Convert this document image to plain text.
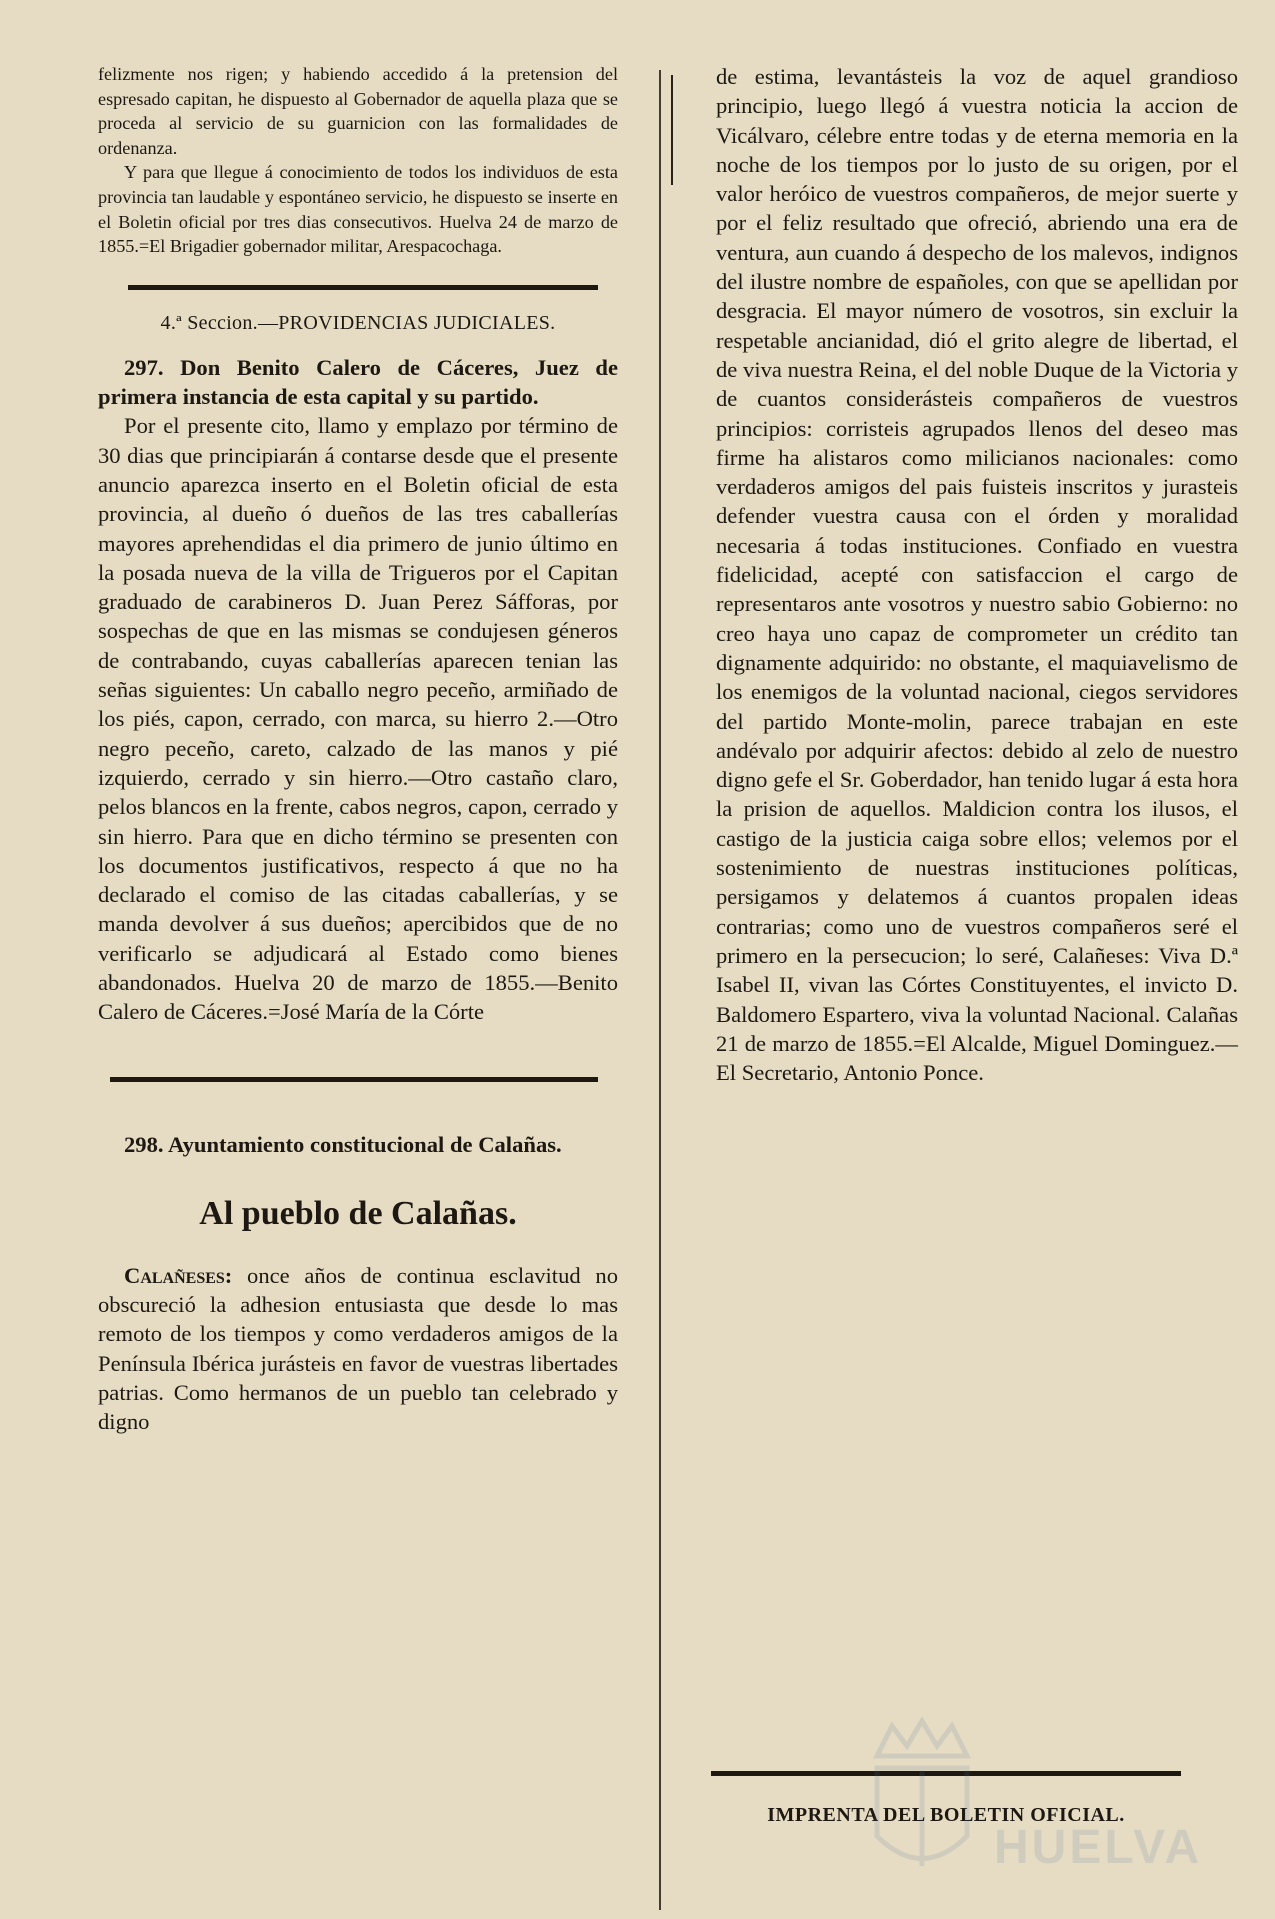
felizmente nos rigen; y habiendo accedido á la pretension del espresado capitan, he dispuesto al Gobernador de aquella plaza que se proceda al servicio de su guarnicion con las formalidades de ordenanza.

Y para que llegue á conocimiento de todos los individuos de esta provincia tan laudable y espontáneo servicio, he dispuesto se inserte en el Boletin oficial por tres dias consecutivos. Huelva 24 de marzo de 1855.=El Brigadier gobernador militar, Arespacochaga.

4.ª Seccion.—PROVIDENCIAS JUDICIALES.

297. Don Benito Calero de Cáceres, Juez de primera instancia de esta capital y su partido.

Por el presente cito, llamo y emplazo por término de 30 dias que principiarán á contarse desde que el presente anuncio aparezca inserto en el Boletin oficial de esta provincia, al dueño ó dueños de las tres caballerías mayores aprehendidas el dia primero de junio último en la posada nueva de la villa de Trigueros por el Capitan graduado de carabineros D. Juan Perez Sáfforas, por sospechas de que en las mismas se condujesen géneros de contrabando, cuyas caballerías aparecen tenian las señas siguientes: Un caballo negro peceño, armiñado de los piés, capon, cerrado, con marca, su hierro 2.—Otro negro peceño, careto, calzado de las manos y pié izquierdo, cerrado y sin hierro.—Otro castaño claro, pelos blancos en la frente, cabos negros, capon, cerrado y sin hierro. Para que en dicho término se presenten con los documentos justificativos, respecto á que no ha declarado el comiso de las citadas caballerías, y se manda devolver á sus dueños; apercibidos que de no verificarlo se adjudicará al Estado como bienes abandonados. Huelva 20 de marzo de 1855.—Benito Calero de Cáceres.=José María de la Córte

298. Ayuntamiento constitucional de Calañas.

Al pueblo de Calañas.

Calañeses: once años de continua esclavitud no obscureció la adhesion entusiasta que desde lo mas remoto de los tiempos y como verdaderos amigos de la Península Ibérica jurásteis en favor de vuestras libertades patrias. Como hermanos de un pueblo tan celebrado y digno

de estima, levantásteis la voz de aquel grandioso principio, luego llegó á vuestra noticia la accion de Vicálvaro, célebre entre todas y de eterna memoria en la noche de los tiempos por lo justo de su origen, por el valor heróico de vuestros compañeros, de mejor suerte y por el feliz resultado que ofreció, abriendo una era de ventura, aun cuando á despecho de los malevos, indignos del ilustre nombre de españoles, con que se apellidan por desgracia. El mayor número de vosotros, sin excluir la respetable ancianidad, dió el grito alegre de libertad, el de viva nuestra Reina, el del noble Duque de la Victoria y de cuantos considerásteis compañeros de vuestros principios: corristeis agrupados llenos del deseo mas firme ha alistaros como milicianos nacionales: como verdaderos amigos del pais fuisteis inscritos y jurasteis defender vuestra causa con el órden y moralidad necesaria á todas instituciones. Confiado en vuestra fidelicidad, acepté con satisfaccion el cargo de representaros ante vosotros y nuestro sabio Gobierno: no creo haya uno capaz de comprometer un crédito tan dignamente adquirido: no obstante, el maquiavelismo de los enemigos de la voluntad nacional, ciegos servidores del partido Monte-molin, parece trabajan en este andévalo por adquirir afectos: debido al zelo de nuestro digno gefe el Sr. Goberdador, han tenido lugar á esta hora la prision de aquellos. Maldicion contra los ilusos, el castigo de la justicia caiga sobre ellos; velemos por el sostenimiento de nuestras instituciones políticas, persigamos y delatemos á cuantos propalen ideas contrarias; como uno de vuestros compañeros seré el primero en la persecucion; lo seré, Calañeses: Viva D.ª Isabel II, vivan las Córtes Constituyentes, el invicto D. Baldomero Espartero, viva la voluntad Nacional. Calañas 21 de marzo de 1855.=El Alcalde, Miguel Dominguez.—El Secretario, Antonio Ponce.

IMPRENTA DEL BOLETIN OFICIAL.
HUELVA
